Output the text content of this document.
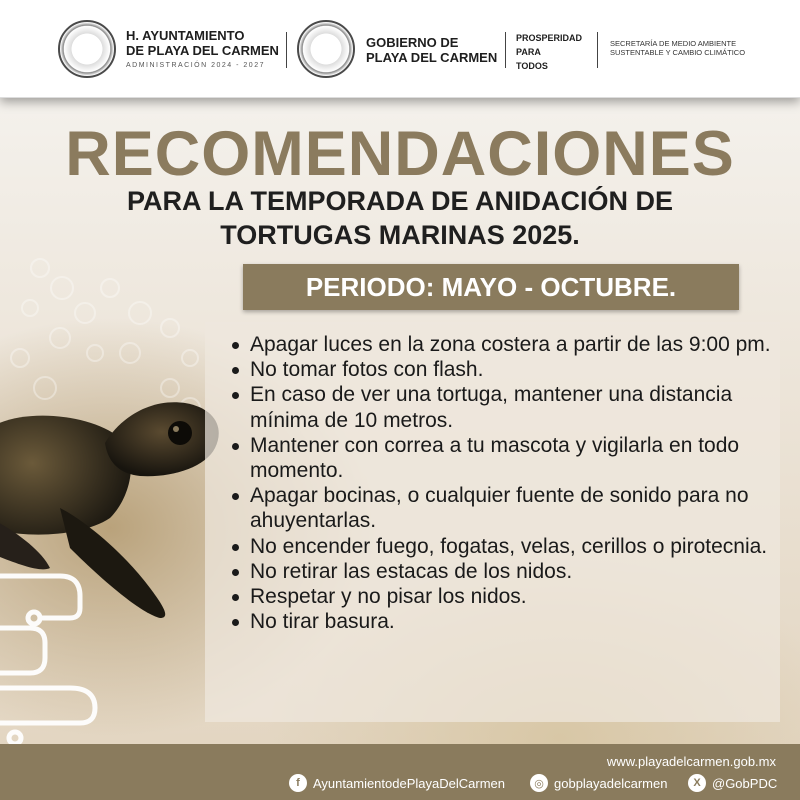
H. AYUNTAMIENTO
DE PLAYA DEL CARMEN
ADMINISTRACIÓN 2024 - 2027
GOBIERNO DE
PLAYA DEL CARMEN
PROSPERIDAD
PARA
TODOS
SECRETARÍA DE MEDIO AMBIENTE
SUSTENTABLE Y CAMBIO CLIMÁTICO
RECOMENDACIONES
PARA LA TEMPORADA DE ANIDACIÓN DE
TORTUGAS MARINAS 2025.
PERIODO: MAYO - OCTUBRE.
Apagar luces en la zona costera a partir de las 9:00 pm.
No tomar fotos con flash.
En caso de ver una tortuga, mantener una distancia mínima de 10 metros.
Mantener con correa a tu mascota y vigilarla en todo momento.
Apagar bocinas, o cualquier fuente de sonido para no ahuyentarlas.
No encender fuego, fogatas, velas, cerillos o pirotecnia.
No retirar las estacas de los nidos.
Respetar y no pisar los nidos.
No tirar basura.
www.playadelcarmen.gob.mx
f	AyuntamientodePlayaDelCarmen	◎ gobplayadelcarmen	X @GobPDC
